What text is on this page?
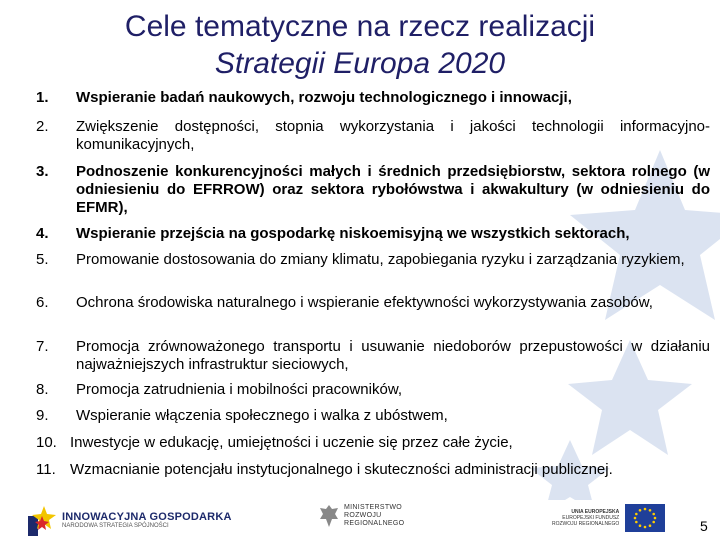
Cele tematyczne na rzecz realizacji

Strategii Europa 2020
1.	Wspieranie badań naukowych, rozwoju technologicznego i innowacji,
2.	Zwiększenie dostępności, stopnia wykorzystania i jakości technologii informacyjno-komunikacyjnych,
3.	Podnoszenie konkurencyjności małych i średnich przedsiębiorstw, sektora rolnego (w odniesieniu do EFRROW) oraz sektora rybołówstwa i akwakultury (w odniesieniu do EFMR),
4.	Wspieranie przejścia na gospodarkę niskoemisyjną we wszystkich sektorach,
5.	Promowanie dostosowania do zmiany klimatu, zapobiegania ryzyku i zarządzania ryzykiem,
6.	Ochrona środowiska naturalnego i wspieranie efektywności wykorzystywania zasobów,
7.	Promocja zrównoważonego transportu i usuwanie niedoborów przepustowości w działaniu najważniejszych infrastruktur sieciowych,
8.	Promocja zatrudnienia i mobilności pracowników,
9.	Wspieranie włączenia społecznego i walka z ubóstwem,
10. Inwestycje w edukację, umiejętności i uczenie się przez całe życie,
11. Wzmacnianie potencjału instytucjonalnego i skuteczności administracji publicznej.
INNOWACYJNA GOSPODARKA
NARODOWA STRATEGIA SPÓJNOŚCI
MINISTERSTWO
ROZWOJU
REGIONALNEGO
UNIA EUROPEJSKA
EUROPEJSKI FUNDUSZ
ROZWOJU REGIONALNEGO	5
